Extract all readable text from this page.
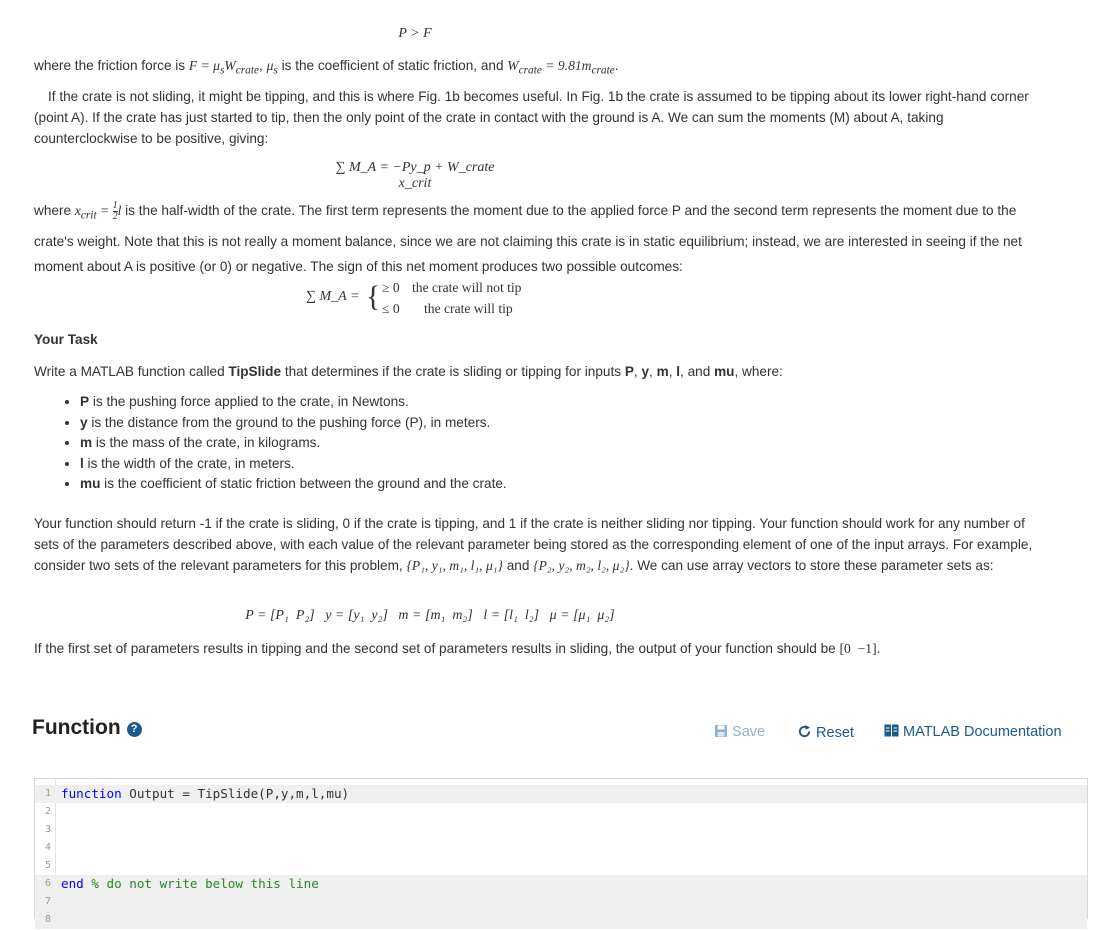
P > F
where the friction force is $F = \mu_sW_{crate}$, $\mu_s$ is the coefficient of static friction, and $W_{crate} = 9.81m_{crate}$.
If the crate is not sliding, it might be tipping, and this is where Fig. 1b becomes useful. In Fig. 1b the crate is assumed to be tipping about its lower right-hand corner (point A). If the crate has just started to tip, then the only point of the crate in contact with the ground is A. We can sum the moments (M) about A, taking counterclockwise to be positive, giving:
∑ M_A = −Py_p + W_crate x_crit
where $x_{crit} = \frac{1}{2}$ l is the half-width of the crate. The first term represents the moment due to the applied force P and the second term represents the moment due to the crate's weight. Note that this is not really a moment balance, since we are not claiming this crate is in static equilibrium; instead, we are interested in seeing if the net moment about A is positive (or 0) or negative. The sign of this net moment produces two possible outcomes:
∑ M_A = { ≥ 0 the crate will not tip
≤ 0 the crate will tip
Your Task
Write a MATLAB function called TipSlide that determines if the crate is sliding or tipping for inputs P, y, m, l, and mu, where:
• P is the pushing force applied to the crate, in Newtons.
• y is the distance from the ground to the pushing force (P), in meters.
• m is the mass of the crate, in kilograms.
• l is the width of the crate, in meters.
• mu is the coefficient of static friction between the ground and the crate.
Your function should return -1 if the crate is sliding, 0 if the crate is tipping, and 1 if the crate is neither sliding nor tipping. Your function should work for any number of sets of the parameters described above, with each value of the relevant parameter being stored as the corresponding element of one of the input arrays. For example, consider two sets of the relevant parameters for this problem, {P₁, y₁, m₁, l₁, μ₁} and {P₂, y₂, m₂, l₂, μ₂}. We can use array vectors to store these parameter sets as:
P = [P₁  P₂]   y = [y₁  y₂]   m = [m₁  m₂]   l = [l₁  l₂]   μ = [μ₁  μ₂]
If the first set of parameters results in tipping and the second set of parameters results in sliding, the output of your function should be [0  −1].
Function ?	Save	Reset	MATLAB Documentation
1 function Output = TipSlide(P,y,m,l,mu)
2
3
4
5
6 end % do not write below this line
7
8
